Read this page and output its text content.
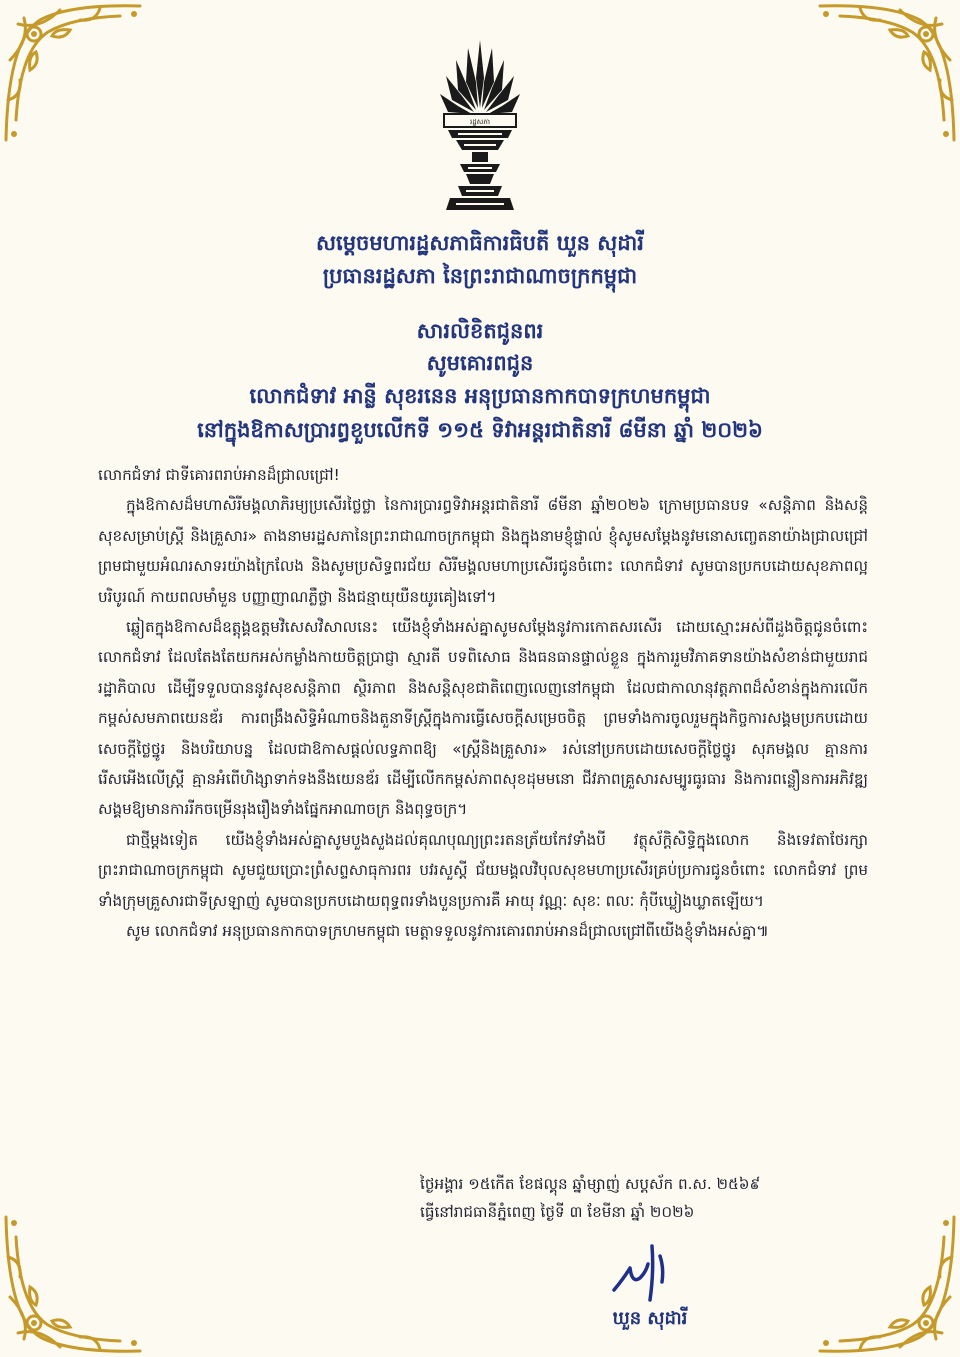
រដ្ឋសភា
សម្ដេចមហារដ្ឋសភាធិការធិបតី ឃួន សុដារី
ប្រធានរដ្ឋសភា នៃព្រះរាជាណាចក្រកម្ពុជា
សារលិខិតជូនពរ
សូមគោរពជូន
លោកជំទាវ អាន្លី សុខរនេន អនុប្រធានកាកបាទក្រហមកម្ពុជា
នៅក្នុងឱកាសប្រារព្ធខួបលើកទី ១១៥ ទិវាអន្តរជាតិនារី ៨មីនា ឆ្នាំ ២០២៦

លោកជំទាវ ជាទីគោរពរាប់អានដ៏ជ្រាលជ្រៅ!

ក្នុងឱកាសដ៏មហាសិរីមង្គលាភិរម្យប្រសើរថ្លៃថ្លា នៃការប្រារព្ធទិវាអន្តរជាតិនារី ៨មីនា ឆ្នាំ២០២៦ ក្រោមប្រធានបទ «សន្តិភាព និងសន្តិសុខសម្រាប់ស្ត្រី និងគ្រួសារ» តាងនាមរដ្ឋសភានៃព្រះរាជាណាចក្រកម្ពុជា និងក្នុងនាមខ្ញុំផ្ទាល់ ខ្ញុំសូមសម្ដែងនូវមនោសញ្ចេតនាយ៉ាងជ្រាលជ្រៅ ព្រមជាមួយអំណរសាទរយ៉ាងក្រៃលែង និងសូមប្រសិទ្ធពរជ័យ សិរីមង្គលមហាប្រសើរជូនចំពោះ លោកជំទាវ សូមបានប្រកបដោយសុខភាពល្អ បរិបូរណ៍ កាយពលមាំមួន បញ្ញាញាណភ្លឺថ្លា និងជន្មាយុយឺនយូរគៀងទៅ។

ឆ្លៀតក្នុងឱកាសដ៏ឧត្តុង្គឧត្តមវិសេសវិសាលនេះ យើងខ្ញុំទាំងអស់គ្នាសូមសម្ដែងនូវការកោតសរសើរ ដោយស្មោះអស់ពីដួងចិត្តជូនចំពោះ លោកជំទាវ ដែលតែងតែយកអស់កម្លាំងកាយចិត្តប្រាជ្ញា ស្មារតី បទពិសោធ និងធនធានផ្ទាល់ខ្លួន ក្នុងការរួមវិភាគទានយ៉ាងសំខាន់ជាមួយរាជរដ្ឋាភិបាល ដើម្បីទទួលបាននូវសុខសន្តិភាព ស្ថិរភាព និងសន្តិសុខជាតិពេញលេញនៅកម្ពុជា ដែលជាកាលានុវត្តភាពដ៏សំខាន់ក្នុងការលើកកម្ពស់សមភាពយេនឌ័រ ការពង្រឹងសិទ្ធិអំណាចនិងតួនាទីស្ត្រីក្នុងការធ្វើសេចក្ដីសម្រេចចិត្ត ព្រមទាំងការចូលរួមក្នុងកិច្ចការសង្គមប្រកបដោយសេចក្ដីថ្លៃថ្នូរ និងបរិយាបន្ន ដែលជាឱកាសផ្ដល់លទ្ធភាពឱ្យ «ស្ត្រីនិងគ្រួសារ» រស់នៅប្រកបដោយសេចក្ដីថ្លៃថ្នូរ សុភមង្គល គ្មានការរើសអើងលើស្ត្រី គ្មានអំពើហិង្សាទាក់ទងនឹងយេនឌ័រ ដើម្បីលើកកម្ពស់ភាពសុខដុមមនោ ជីវភាពគ្រួសារសម្បូរធូរធារ និងការពន្លឿនការអភិវឌ្ឍសង្គមឱ្យមានការរីកចម្រើនរុងរឿងទាំងផ្នែកអាណាចក្រ និងពុទ្ធចក្រ។

ជាថ្មីម្ដងទៀត យើងខ្ញុំទាំងអស់គ្នាសូមបួងសួងដល់គុណបុណ្យព្រះរតនត្រ័យកែវទាំងបី វត្ថុស័ក្តិសិទ្ធិក្នុងលោក និងទេវតាថែរក្សាព្រះរាជាណាចក្រកម្ពុជា សូមជួយប្រោះព្រំសព្ទសាធុការពរ បវរសួស្ដី ជ័យមង្គលវិបុលសុខមហាប្រសើរគ្រប់ប្រការជូនចំពោះ លោកជំទាវ ព្រមទាំងក្រុមគ្រួសារជាទីស្រឡាញ់ សូមបានប្រកបដោយពុទ្ធពរទាំងបួនប្រការគឺ អាយុ វណ្ណៈ សុខៈ ពលៈ កុំបីឃ្លៀងឃ្លាតឡើយ។

សូម លោកជំទាវ អនុប្រធានកាកបាទក្រហមកម្ពុជា មេត្តាទទួលនូវការគោរពរាប់អានដ៏ជ្រាលជ្រៅពីយើងខ្ញុំទាំងអស់គ្នា៕

ថ្ងៃអង្គារ ១៥កើត ខែផល្គុន ឆ្នាំម្សាញ់ សប្តស័ក ព.ស. ២៥៦៩
ធ្វើនៅរាជធានីភ្នំពេញ ថ្ងៃទី ៣ ខែមីនា ឆ្នាំ ២០២៦
ឃួន សុដារី
